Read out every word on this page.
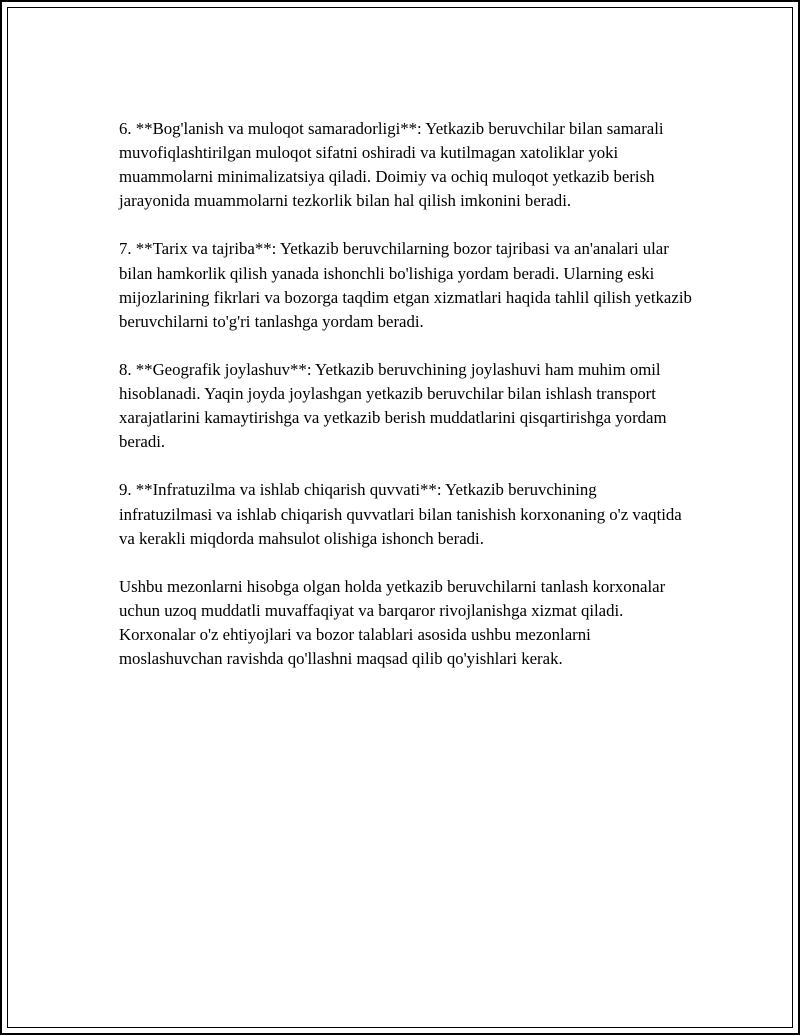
6. **Bog'lanish va muloqot samaradorligi**: Yetkazib beruvchilar bilan samarali muvofiqlashtirilgan muloqot sifatni oshiradi va kutilmagan xatoliklar yoki muammolarni minimalizatsiya qiladi. Doimiy va ochiq muloqot yetkazib berish jarayonida muammolarni tezkorlik bilan hal qilish imkonini beradi.

7. **Tarix va tajriba**: Yetkazib beruvchilarning bozor tajribasi va an'analari ular bilan hamkorlik qilish yanada ishonchli bo'lishiga yordam beradi. Ularning eski mijozlarining fikrlari va bozorga taqdim etgan xizmatlari haqida tahlil qilish yetkazib beruvchilarni to'g'ri tanlashga yordam beradi.

8. **Geografik joylashuv**: Yetkazib beruvchining joylashuvi ham muhim omil hisoblanadi. Yaqin joyda joylashgan yetkazib beruvchilar bilan ishlash transport xarajatlarini kamaytirishga va yetkazib berish muddatlarini qisqartirishga yordam beradi.

9. **Infratuzilma va ishlab chiqarish quvvati**: Yetkazib beruvchining infratuzilmasi va ishlab chiqarish quvvatlari bilan tanishish korxonaning o'z vaqtida va kerakli miqdorda mahsulot olishiga ishonch beradi.

Ushbu mezonlarni hisobga olgan holda yetkazib beruvchilarni tanlash korxonalar uchun uzoq muddatli muvaffaqiyat va barqaror rivojlanishga xizmat qiladi. Korxonalar o'z ehtiyojlari va bozor talablari asosida ushbu mezonlarni moslashuvchan ravishda qo'llashni maqsad qilib qo'yishlari kerak.
